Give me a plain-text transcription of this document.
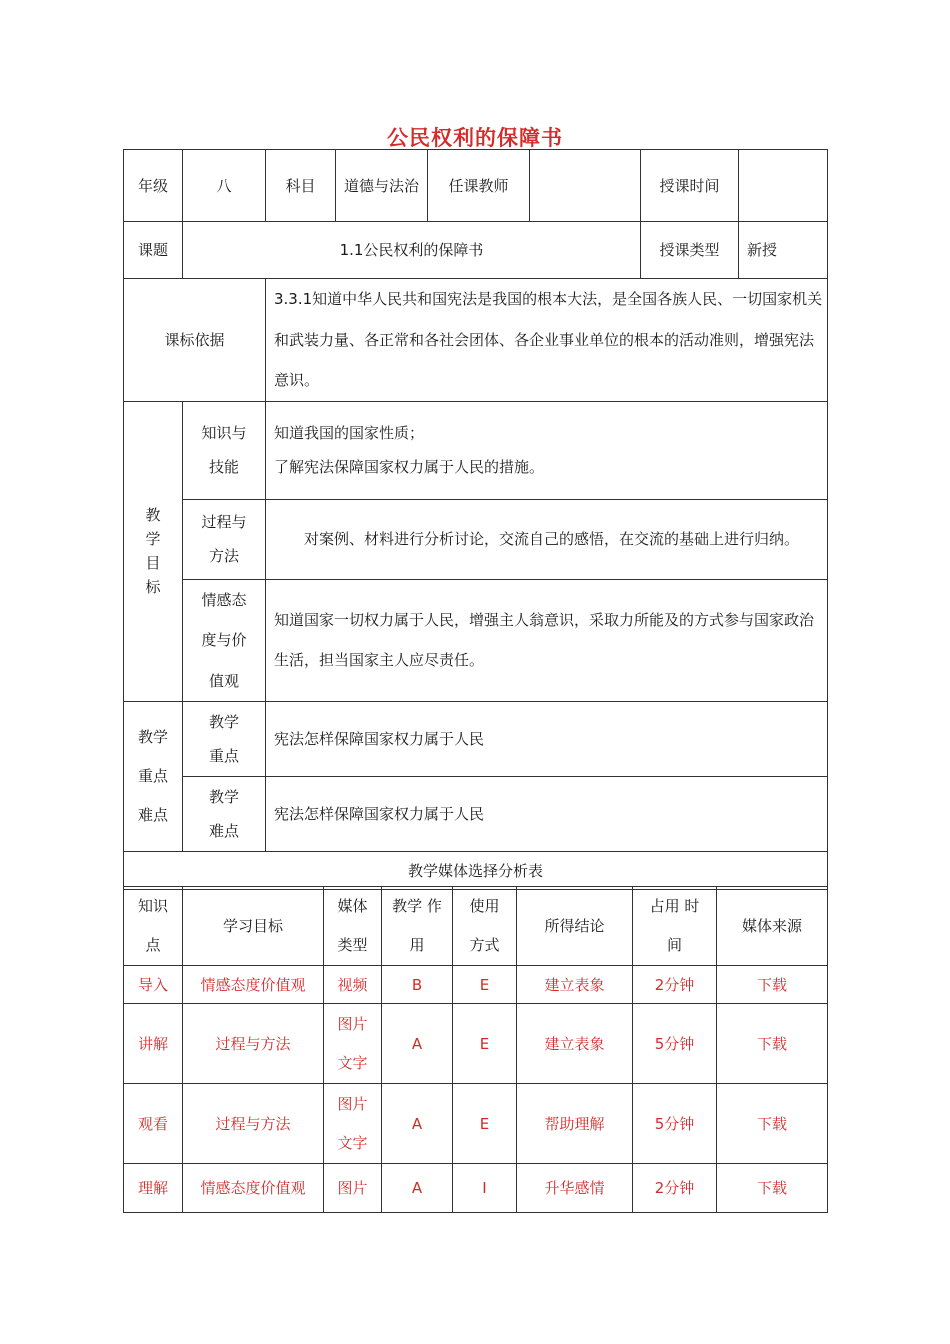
公民权利的保障书
年级	八	科目	道德与法治	任课教师		授课时间	
课题	1.1公民权利的保障书					授课类型	新授
课标依据		3.3.1知道中华人民共和国宪法是我国的根本大法，是全国各族人民、一切国家机关和武装力量、各正常和各社会团体、各企业事业单位的根本的活动准则，增强宪法意识。					
教学目标	知识与技能	知道我国的国家性质；
了解宪法保障国家权力属于人民的措施。					

	过程与方法	对案例、材料进行分析讨论，交流自己的感悟，在交流的基础上进行归纳。					
	情感态度与价值观	知道国家一切权力属于人民，增强主人翁意识，采取力所能及的方式参与国家政治生活，担当国家主人应尽责任。					
教学重点难点	教学重点	宪法怎样保障国家权力属于人民					
	教学难点	宪法怎样保障国家权力属于人民					
教学媒体选择分析表							
知识点	学习目标	媒体类型	教学 作用	使用方式	所得结论	占用 时间	媒体来源
导入	情感态度价值观	视频	B	E	建立表象	2分钟	下载
讲解	过程与方法	图片文字	A	E	建立表象	5分钟	下载
观看	过程与方法	图片文字	A	E	帮助理解	5分钟	下载
理解	情感态度价值观	图片	A	I	升华感情	2分钟	下载
